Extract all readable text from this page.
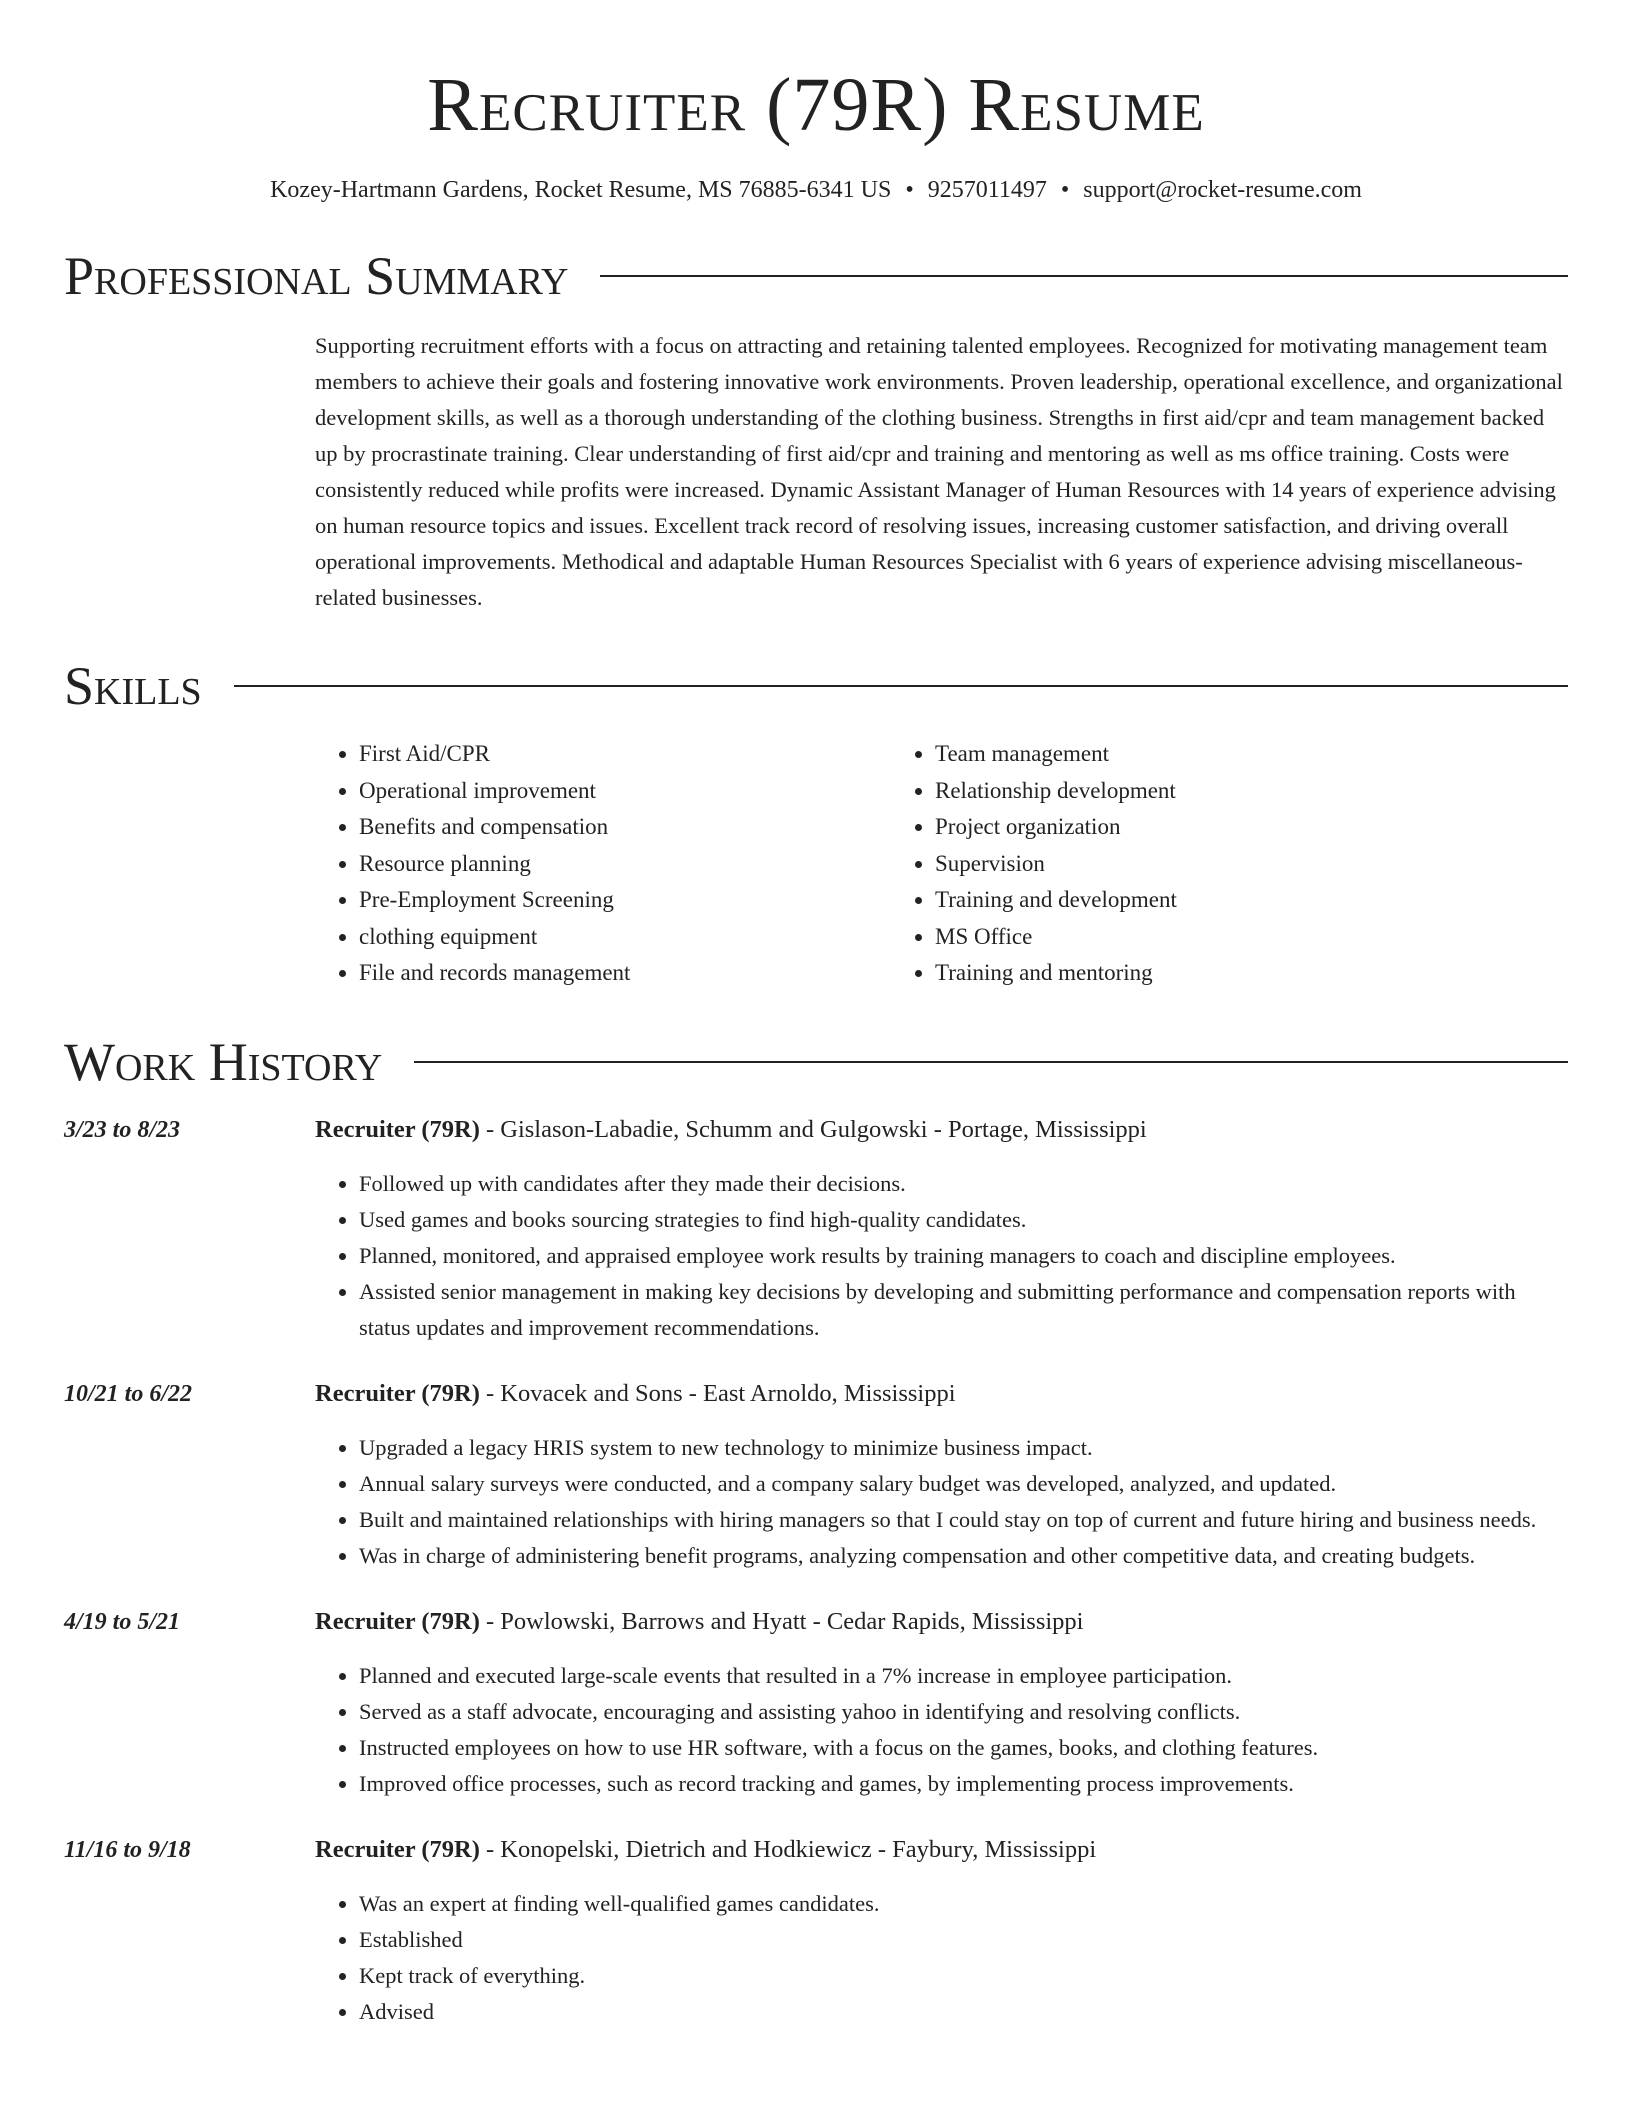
Recruiter (79R) Resume
Kozey-Hartmann Gardens, Rocket Resume, MS 76885-6341 US • 9257011497 • support@rocket-resume.com
Professional Summary
Supporting recruitment efforts with a focus on attracting and retaining talented employees. Recognized for motivating management team members to achieve their goals and fostering innovative work environments. Proven leadership, operational excellence, and organizational development skills, as well as a thorough understanding of the clothing business. Strengths in first aid/cpr and team management backed up by procrastinate training. Clear understanding of first aid/cpr and training and mentoring as well as ms office training. Costs were consistently reduced while profits were increased. Dynamic Assistant Manager of Human Resources with 14 years of experience advising on human resource topics and issues. Excellent track record of resolving issues, increasing customer satisfaction, and driving overall operational improvements. Methodical and adaptable Human Resources Specialist with 6 years of experience advising miscellaneous-related businesses.
Skills
• First Aid/CPR
• Operational improvement
• Benefits and compensation
• Resource planning
• Pre-Employment Screening
• clothing equipment
• File and records management
• Team management
• Relationship development
• Project organization
• Supervision
• Training and development
• MS Office
• Training and mentoring
Work History
3/23 to 8/23	Recruiter (79R) - Gislason-Labadie, Schumm and Gulgowski - Portage, Mississippi
• Followed up with candidates after they made their decisions.
• Used games and books sourcing strategies to find high-quality candidates.
• Planned, monitored, and appraised employee work results by training managers to coach and discipline employees.
• Assisted senior management in making key decisions by developing and submitting performance and compensation reports with status updates and improvement recommendations.
10/21 to 6/22	Recruiter (79R) - Kovacek and Sons - East Arnoldo, Mississippi
• Upgraded a legacy HRIS system to new technology to minimize business impact.
• Annual salary surveys were conducted, and a company salary budget was developed, analyzed, and updated.
• Built and maintained relationships with hiring managers so that I could stay on top of current and future hiring and business needs.
• Was in charge of administering benefit programs, analyzing compensation and other competitive data, and creating budgets.
4/19 to 5/21	Recruiter (79R) - Powlowski, Barrows and Hyatt - Cedar Rapids, Mississippi
• Planned and executed large-scale events that resulted in a 7% increase in employee participation.
• Served as a staff advocate, encouraging and assisting yahoo in identifying and resolving conflicts.
• Instructed employees on how to use HR software, with a focus on the games, books, and clothing features.
• Improved office processes, such as record tracking and games, by implementing process improvements.
11/16 to 9/18	Recruiter (79R) - Konopelski, Dietrich and Hodkiewicz - Faybury, Mississippi
• Was an expert at finding well-qualified games candidates.
• Established
• Kept track of everything.
• Advised
